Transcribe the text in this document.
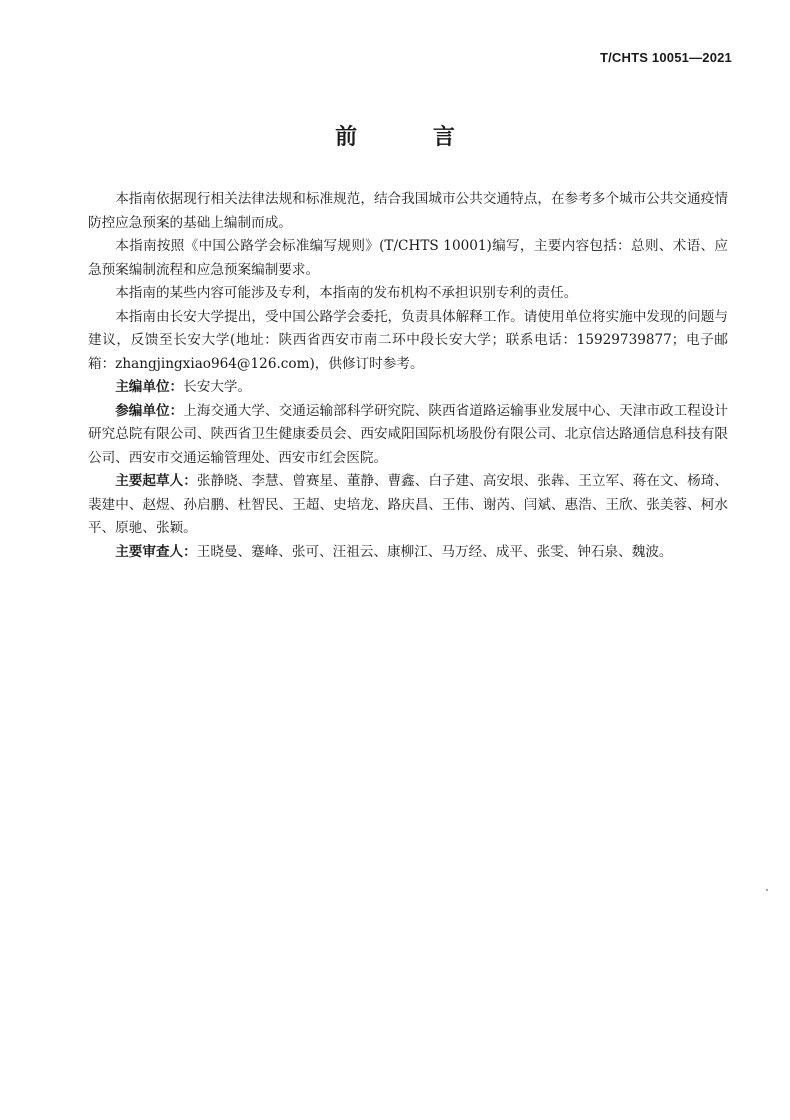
T/CHTS 10051—2021
前 言

本指南依据现行相关法律法规和标准规范，结合我国城市公共交通特点，在参考多个城市公共交通疫情防控应急预案的基础上编制而成。

本指南按照《中国公路学会标准编写规则》(T/CHTS 10001)编写，主要内容包括：总则、术语、应急预案编制流程和应急预案编制要求。

本指南的某些内容可能涉及专利，本指南的发布机构不承担识别专利的责任。

本指南由长安大学提出，受中国公路学会委托，负责具体解释工作。请使用单位将实施中发现的问题与建议，反馈至长安大学(地址：陕西省西安市南二环中段长安大学；联系电话：15929739877；电子邮箱：zhangjingxiao964@126.com)，供修订时参考。

主编单位：长安大学。

参编单位：上海交通大学、交通运输部科学研究院、陕西省道路运输事业发展中心、天津市政工程设计研究总院有限公司、陕西省卫生健康委员会、西安咸阳国际机场股份有限公司、北京信达路通信息科技有限公司、西安市交通运输管理处、西安市红会医院。

主要起草人：张静晓、李慧、曾赛星、董静、曹鑫、白子建、高安垠、张犇、王立军、蒋在文、杨琦、裴建中、赵煜、孙启鹏、杜智民、王超、史培龙、路庆昌、王伟、谢芮、闫斌、惠浩、王欣、张美蓉、柯水平、原驰、张颖。

主要审查人：王晓曼、蹇峰、张可、汪祖云、康柳江、马万经、成平、张雯、钟石泉、魏波。
